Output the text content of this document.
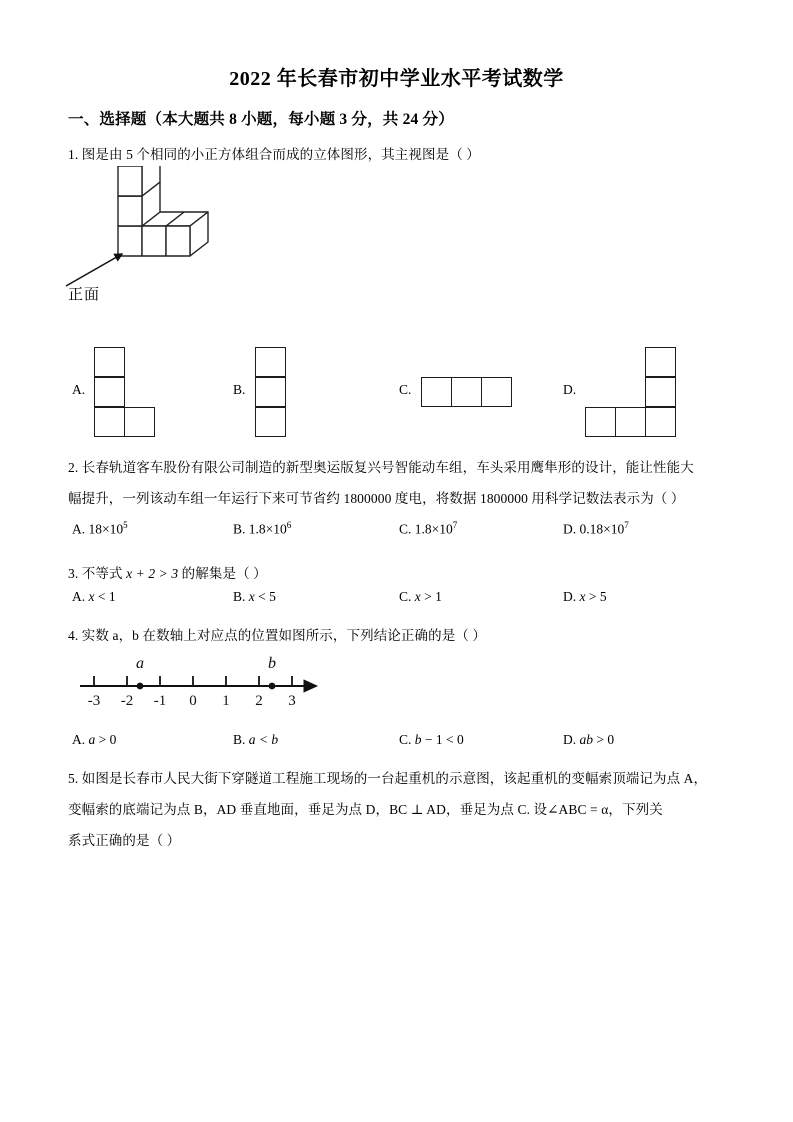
2022 年长春市初中学业水平考试数学
一、选择题（本大题共 8 小题，每小题 3 分，共 24 分）
1. 图是由 5 个相同的小正方体组合而成的立体图形，其主视图是（ ）
正面
A.	B.	C.	D.
2. 长春轨道客车股份有限公司制造的新型奥运版复兴号智能动车组，车头采用鹰隼形的设计，能让性能大
幅提升，一列该动车组一年运行下来可节省约 1800000 度电，将数据 1800000 用科学记数法表示为（ ）
A. $18\times 10^5$	B. $1.8\times 10^6$	C. $1.8\times 10^7$	D. $0.18\times 10^7$
3. 不等式 x + 2 > 3 的解集是（ ）
A. x < 1	B. x < 5	C. x > 1	D. x > 5
4. 实数 a，b 在数轴上对应点的位置如图所示，下列结论正确的是（ ）
-3 -2 -1 0 1 2 3
a	b
A. a > 0	B. a < b	C. b − 1 < 0	D. ab > 0
5. 如图是长春市人民大街下穿隧道工程施工现场的一台起重机的示意图，该起重机的变幅索顶端记为点 A，
变幅索的底端记为点 B，AD 垂直地面，垂足为点 D，BC ⊥ AD，垂足为点 C. 设∠ABC = α，下列关
系式正确的是（ ）
